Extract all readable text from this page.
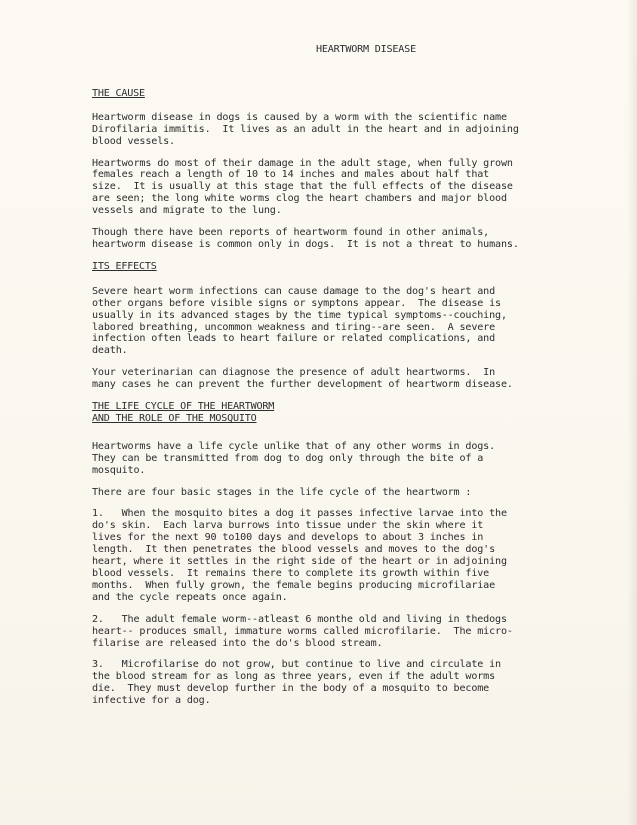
HEARTWORM DISEASE
THE CAUSE
Heartworm disease in dogs is caused by a worm with the scientific name
Dirofilaria immitis.  It lives as an adult in the heart and in adjoining
blood vessels.
Heartworms do most of their damage in the adult stage, when fully grown
females reach a length of 10 to 14 inches and males about half that
size.  It is usually at this stage that the full effects of the disease
are seen; the long white worms clog the heart chambers and major blood
vessels and migrate to the lung.
Though there have been reports of heartworm found in other animals,
heartworm disease is common only in dogs.  It is not a threat to humans.
ITS EFFECTS
Severe heart worm infections can cause damage to the dog's heart and
other organs before visible signs or symptons appear.  The disease is
usually in its advanced stages by the time typical symptoms--couching,
labored breathing, uncommon weakness and tiring--are seen.  A severe
infection often leads to heart failure or related complications, and
death.
Your veterinarian can diagnose the presence of adult heartworms.  In
many cases he can prevent the further development of heartworm disease.
THE LIFE CYCLE OF THE HEARTWORM
AND THE ROLE OF THE MOSQUITO
Heartworms have a life cycle unlike that of any other worms in dogs.
They can be transmitted from dog to dog only through the bite of a
mosquito.
There are four basic stages in the life cycle of the heartworm :
1.   When the mosquito bites a dog it passes infective larvae into the
do's skin.  Each larva burrows into tissue under the skin where it
lives for the next 90 to100 days and develops to about 3 inches in
length.  It then penetrates the blood vessels and moves to the dog's
heart, where it settles in the right side of the heart or in adjoining
blood vessels.  It remains there to complete its growth within five
months.  When fully grown, the female begins producing microfilariae
and the cycle repeats once again.
2.   The adult female worm--atleast 6 monthe old and living in thedogs
heart-- produces small, immature worms called microfilarie.  The micro-
filarise are released into the do's blood stream.
3.   Microfilarise do not grow, but continue to live and circulate in
the blood stream for as long as three years, even if the adult worms
die.  They must develop further in the body of a mosquito to become
infective for a dog.
